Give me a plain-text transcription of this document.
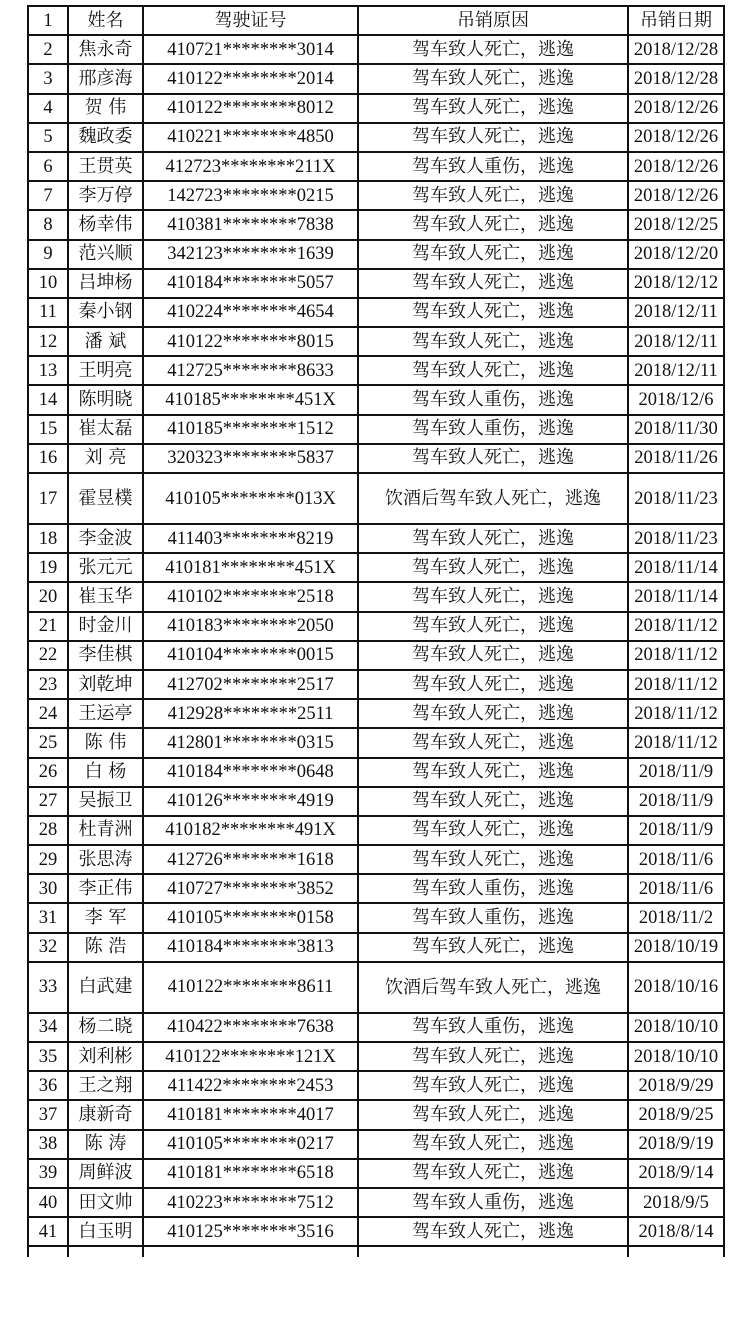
1	姓名	驾驶证号	吊销原因	吊销日期
2	焦永奇	410721********3014	驾车致人死亡，逃逸	2018/12/28
3	邢彦海	410122********2014	驾车致人死亡，逃逸	2018/12/28
4	贺 伟	410122********8012	驾车致人死亡，逃逸	2018/12/26
5	魏政委	410221********4850	驾车致人死亡，逃逸	2018/12/26
6	王贯英	412723********211X	驾车致人重伤，逃逸	2018/12/26
7	李万停	142723********0215	驾车致人死亡，逃逸	2018/12/26
8	杨幸伟	410381********7838	驾车致人死亡，逃逸	2018/12/25
9	范兴顺	342123********1639	驾车致人死亡，逃逸	2018/12/20
10	吕坤杨	410184********5057	驾车致人死亡，逃逸	2018/12/12
11	秦小钢	410224********4654	驾车致人死亡，逃逸	2018/12/11
12	潘 斌	410122********8015	驾车致人死亡，逃逸	2018/12/11
13	王明亮	412725********8633	驾车致人死亡，逃逸	2018/12/11
14	陈明晓	410185********451X	驾车致人重伤，逃逸	2018/12/6
15	崔太磊	410185********1512	驾车致人重伤，逃逸	2018/11/30
16	刘 亮	320323********5837	驾车致人死亡，逃逸	2018/11/26
17	霍昱樸	410105********013X	饮酒后驾车致人死亡，逃逸	2018/11/23
18	李金波	411403********8219	驾车致人死亡，逃逸	2018/11/23
19	张元元	410181********451X	驾车致人死亡，逃逸	2018/11/14
20	崔玉华	410102********2518	驾车致人死亡，逃逸	2018/11/14
21	时金川	410183********2050	驾车致人死亡，逃逸	2018/11/12
22	李佳棋	410104********0015	驾车致人死亡，逃逸	2018/11/12
23	刘乾坤	412702********2517	驾车致人死亡，逃逸	2018/11/12
24	王运亭	412928********2511	驾车致人死亡，逃逸	2018/11/12
25	陈 伟	412801********0315	驾车致人死亡，逃逸	2018/11/12
26	白 杨	410184********0648	驾车致人死亡，逃逸	2018/11/9
27	吴振卫	410126********4919	驾车致人死亡，逃逸	2018/11/9
28	杜青洲	410182********491X	驾车致人死亡，逃逸	2018/11/9
29	张思涛	412726********1618	驾车致人死亡，逃逸	2018/11/6
30	李正伟	410727********3852	驾车致人重伤，逃逸	2018/11/6
31	李 军	410105********0158	驾车致人重伤，逃逸	2018/11/2
32	陈 浩	410184********3813	驾车致人死亡，逃逸	2018/10/19
33	白武建	410122********8611	饮酒后驾车致人死亡，逃逸	2018/10/16
34	杨二晓	410422********7638	驾车致人重伤，逃逸	2018/10/10
35	刘利彬	410122********121X	驾车致人死亡，逃逸	2018/10/10
36	王之翔	411422********2453	驾车致人死亡，逃逸	2018/9/29
37	康新奇	410181********4017	驾车致人死亡，逃逸	2018/9/25
38	陈 涛	410105********0217	驾车致人死亡，逃逸	2018/9/19
39	周鲜波	410181********6518	驾车致人死亡，逃逸	2018/9/14
40	田文帅	410223********7512	驾车致人重伤，逃逸	2018/9/5
41	白玉明	410125********3516	驾车致人死亡，逃逸	2018/8/14
